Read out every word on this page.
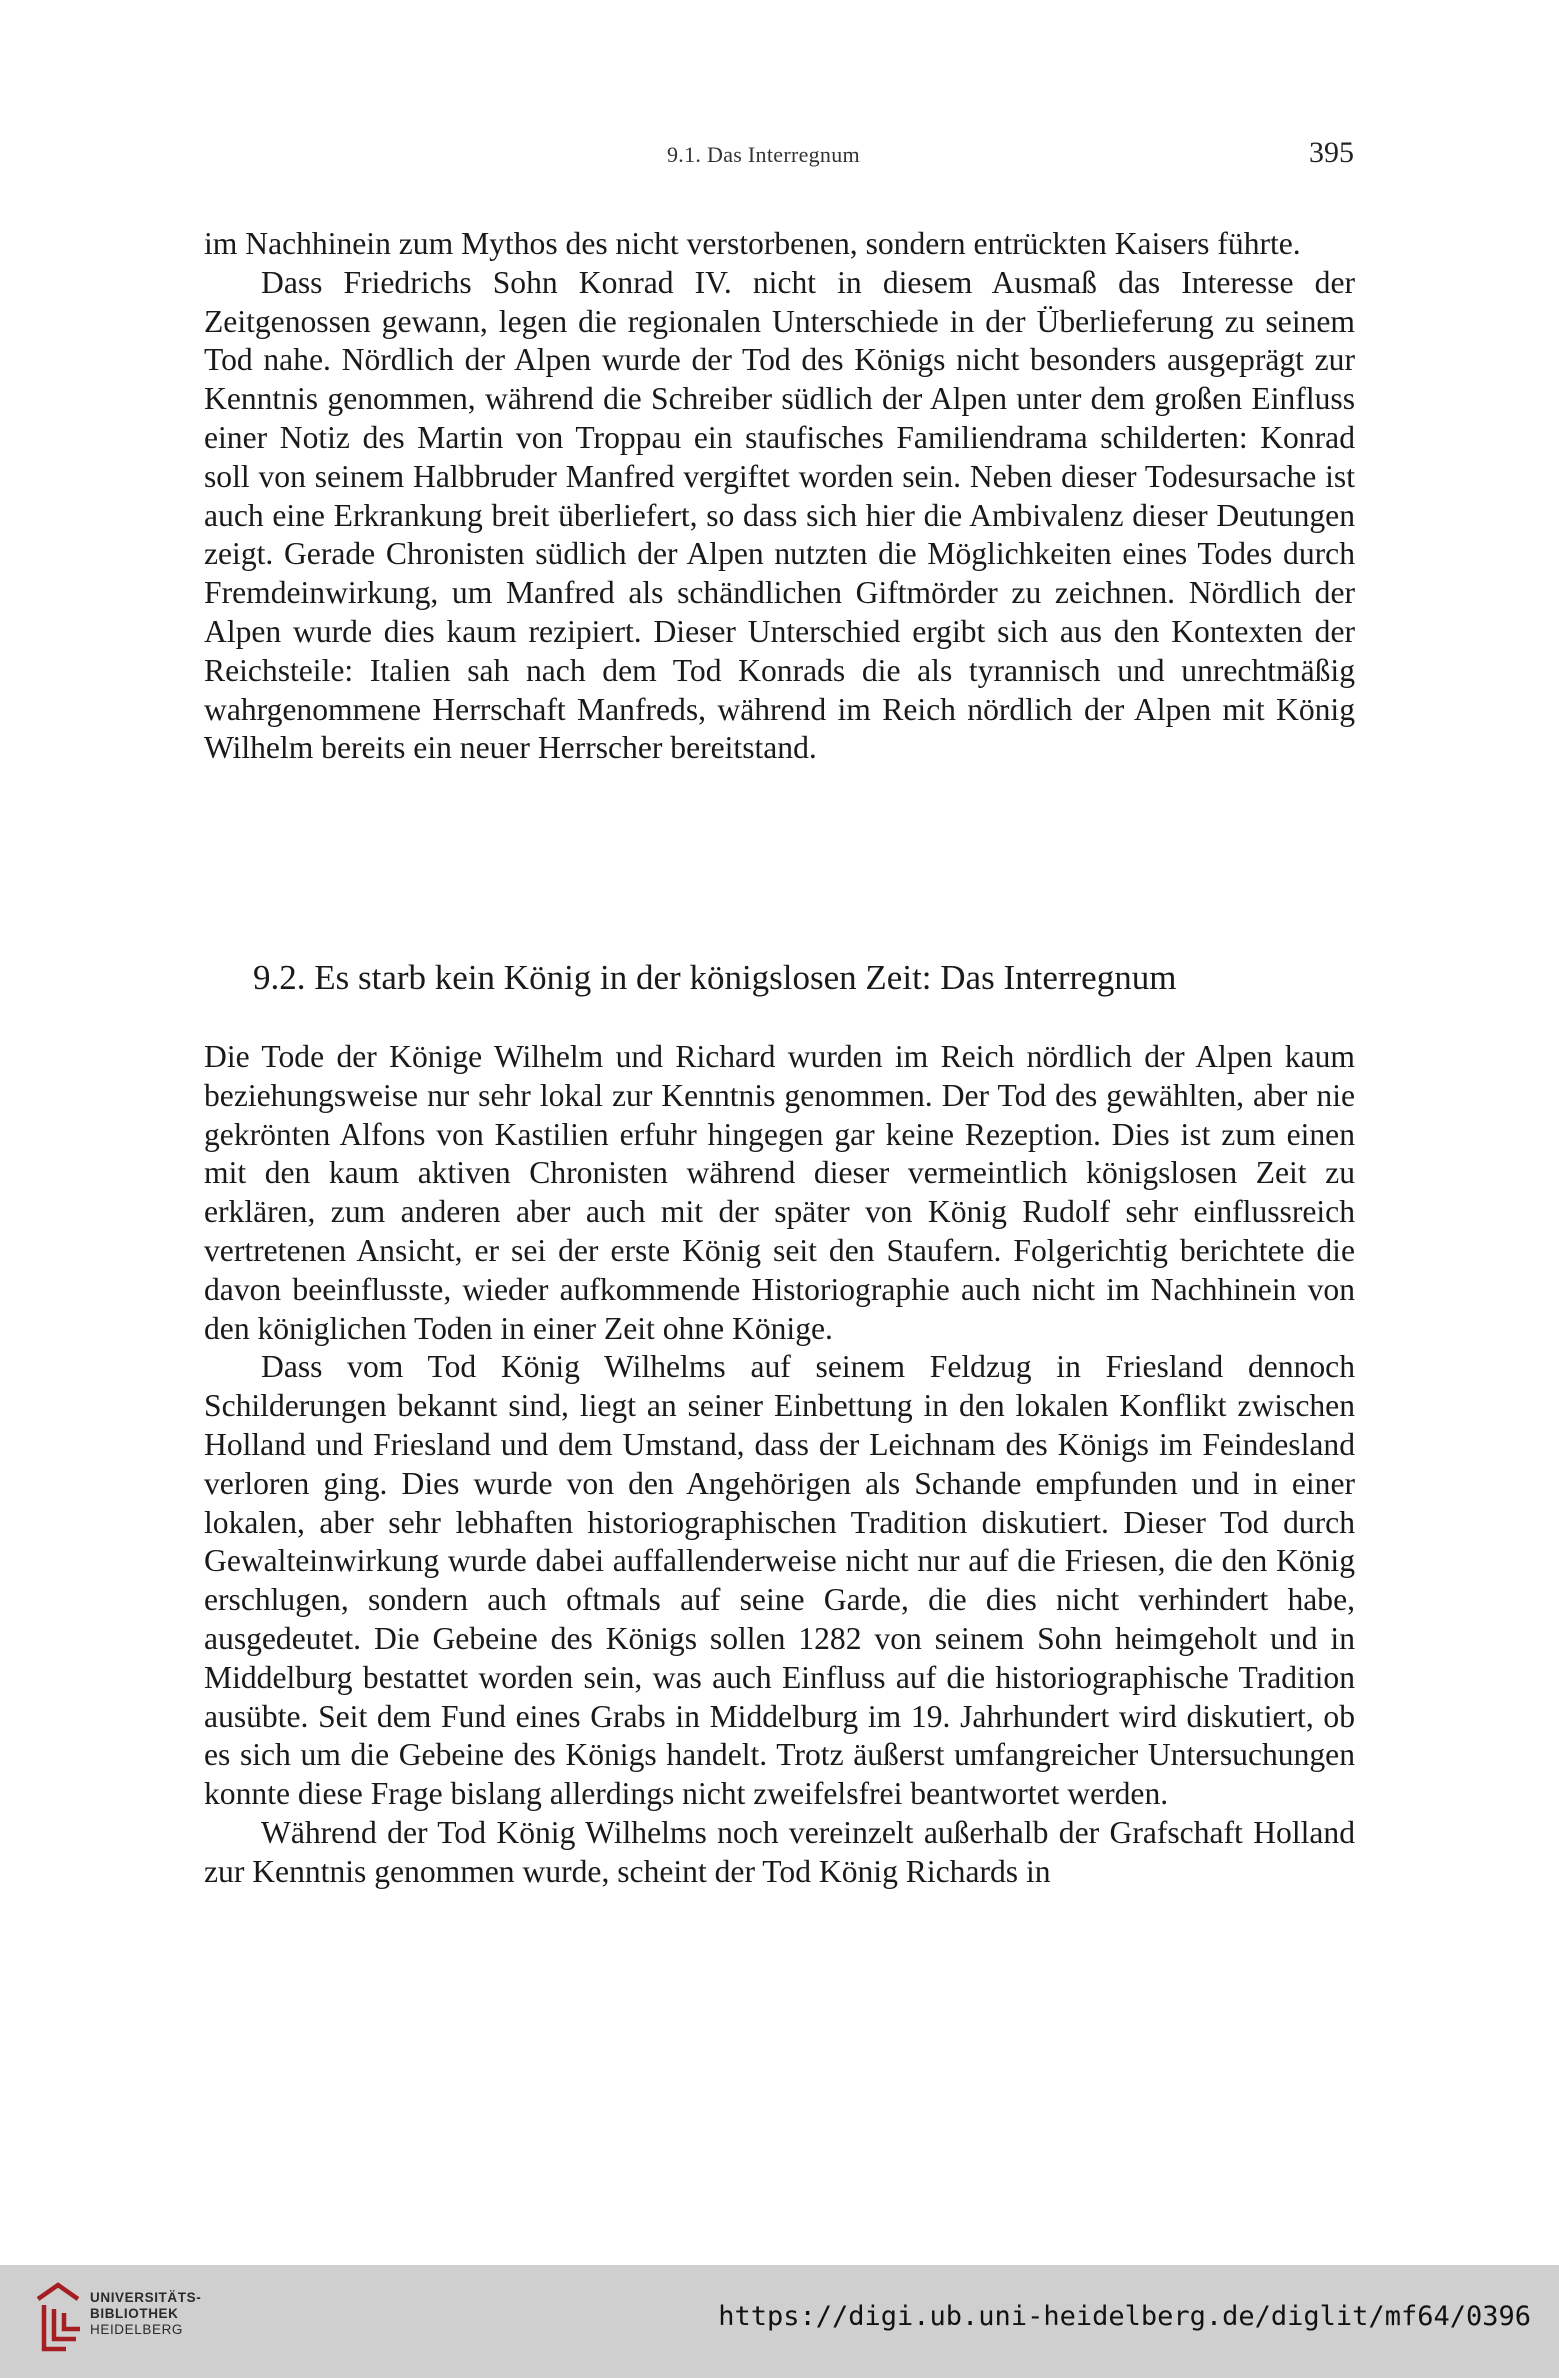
9.1. Das Interregnum	395

im Nachhinein zum Mythos des nicht verstorbenen, sondern entrückten Kaisers führte.

Dass Friedrichs Sohn Konrad IV. nicht in diesem Ausmaß das Interesse der Zeitgenossen gewann, legen die regionalen Unterschiede in der Überlieferung zu seinem Tod nahe. Nördlich der Alpen wurde der Tod des Königs nicht besonders ausgeprägt zur Kenntnis genommen, während die Schreiber südlich der Alpen unter dem großen Einfluss einer Notiz des Martin von Troppau ein staufisches Familiendrama schilderten: Konrad soll von seinem Halbbruder Manfred vergiftet worden sein. Neben dieser Todesursache ist auch eine Erkrankung breit überliefert, so dass sich hier die Ambivalenz dieser Deutungen zeigt. Gerade Chronisten südlich der Alpen nutzten die Möglichkeiten eines Todes durch Fremdeinwirkung, um Manfred als schändlichen Giftmörder zu zeichnen. Nördlich der Alpen wurde dies kaum rezipiert. Dieser Unterschied ergibt sich aus den Kontexten der Reichsteile: Italien sah nach dem Tod Konrads die als tyrannisch und unrechtmäßig wahrgenommene Herrschaft Manfreds, während im Reich nördlich der Alpen mit König Wilhelm bereits ein neuer Herrscher bereitstand.

9.2. Es starb kein König in der königslosen Zeit: Das Interregnum

Die Tode der Könige Wilhelm und Richard wurden im Reich nördlich der Alpen kaum beziehungsweise nur sehr lokal zur Kenntnis genommen. Der Tod des gewählten, aber nie gekrönten Alfons von Kastilien erfuhr hingegen gar keine Rezeption. Dies ist zum einen mit den kaum aktiven Chronisten während dieser vermeintlich königslosen Zeit zu erklären, zum anderen aber auch mit der später von König Rudolf sehr einflussreich vertretenen Ansicht, er sei der erste König seit den Staufern. Folgerichtig berichtete die davon beeinflusste, wieder aufkommende Historiographie auch nicht im Nachhinein von den königlichen Toden in einer Zeit ohne Könige.

Dass vom Tod König Wilhelms auf seinem Feldzug in Friesland dennoch Schilderungen bekannt sind, liegt an seiner Einbettung in den lokalen Konflikt zwischen Holland und Friesland und dem Umstand, dass der Leichnam des Königs im Feindesland verloren ging. Dies wurde von den Angehörigen als Schande empfunden und in einer lokalen, aber sehr lebhaften historiographischen Tradition diskutiert. Dieser Tod durch Gewalteinwirkung wurde dabei auffallenderweise nicht nur auf die Friesen, die den König erschlugen, sondern auch oftmals auf seine Garde, die dies nicht verhindert habe, ausgedeutet. Die Gebeine des Königs sollen 1282 von seinem Sohn heimgeholt und in Middelburg bestattet worden sein, was auch Einfluss auf die historiographische Tradition ausübte. Seit dem Fund eines Grabs in Middelburg im 19. Jahrhundert wird diskutiert, ob es sich um die Gebeine des Königs handelt. Trotz äußerst umfangreicher Untersuchungen konnte diese Frage bislang allerdings nicht zweifelsfrei beantwortet werden.

Während der Tod König Wilhelms noch vereinzelt außerhalb der Grafschaft Holland zur Kenntnis genommen wurde, scheint der Tod König Richards in

UNIVERSITÄTS-
BIBLIOTHEK
HEIDELBERG	https://digi.ub.uni-heidelberg.de/diglit/mf64/0396
